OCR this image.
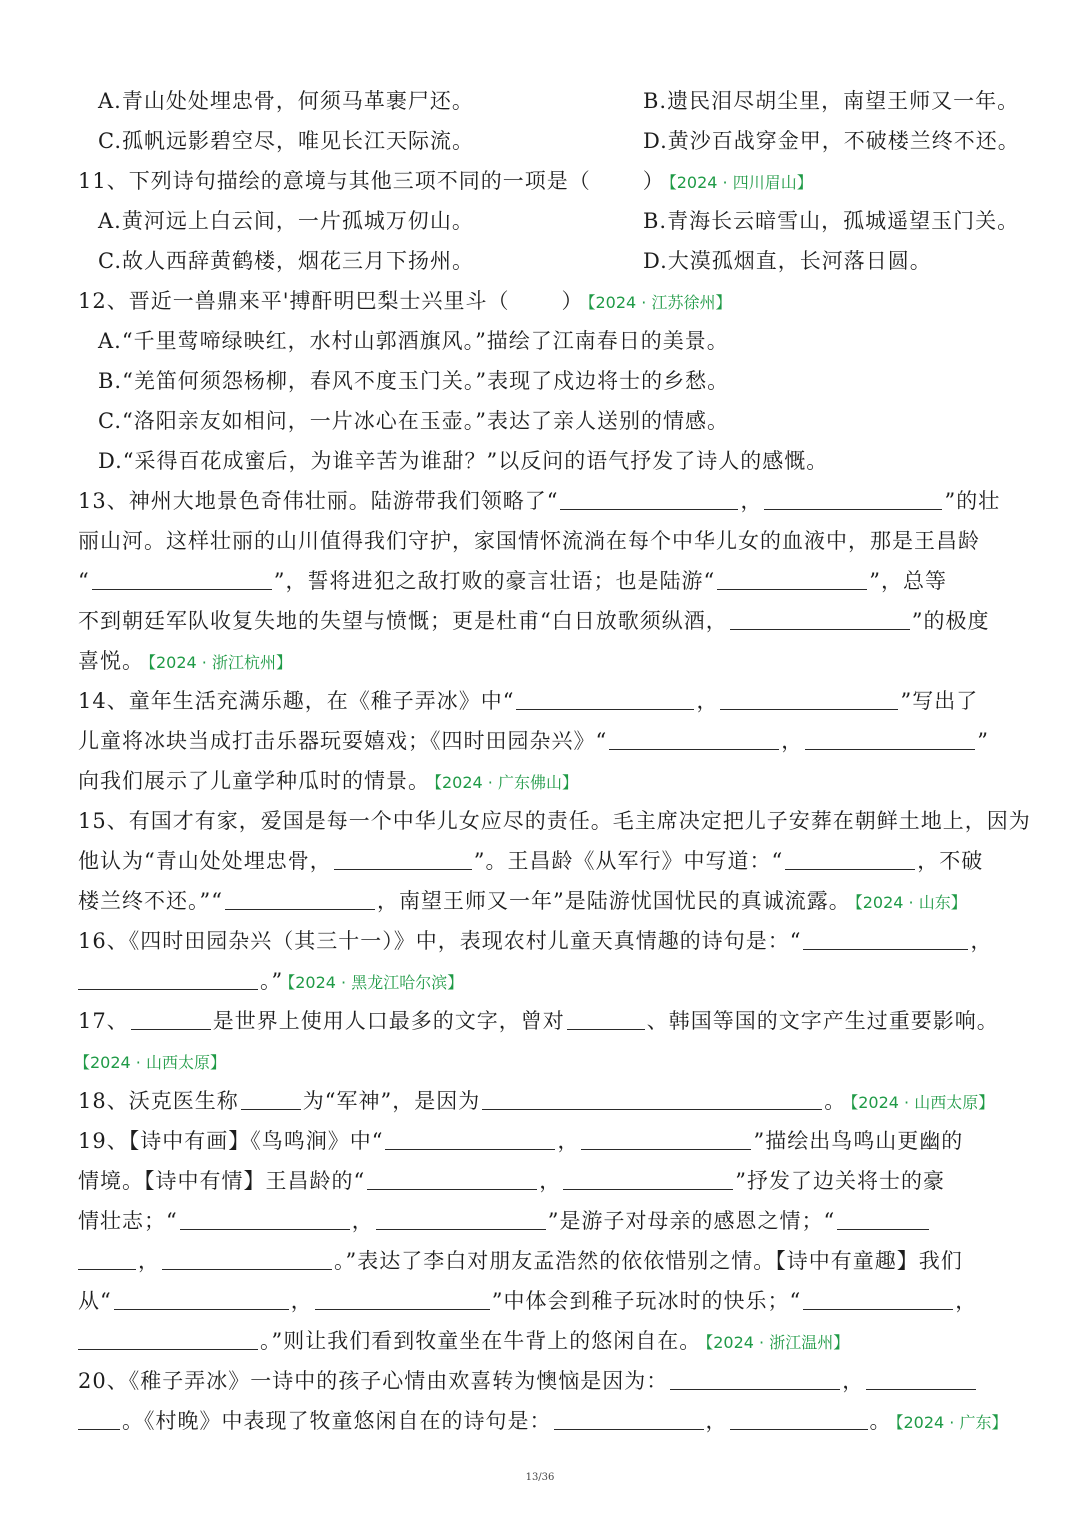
A.青山处处埋忠骨，何须马革裹尸还。	B.遗民泪尽胡尘里，南望王师又一年。
C.孤帆远影碧空尽，唯见长江天际流。	D.黄沙百战穿金甲，不破楼兰终不还。
11、下列诗句描绘的意境与其他三项不同的一项是（ ） 【2024 · 四川眉山】
A.黄河远上白云间，一片孤城万仞山。	B.青海长云暗雪山，孤城遥望玉门关。
C.故人西辞黄鹤楼，烟花三月下扬州。	D.大漠孤烟直，长河落日圆。
12、晋近一兽鼎来平'搏酐明巴梨士兴里斗（ ） 【2024 · 江苏徐州】
A.“千里莺啼绿映红，水村山郭酒旗风。”描绘了江南春日的美景。
B.“羌笛何须怨杨柳，春风不度玉门关。”表现了戍边将士的乡愁。
C.“洛阳亲友如相问，一片冰心在玉壶。”表达了亲人送别的情感。
D.“采得百花成蜜后，为谁辛苦为谁甜？”以反问的语气抒发了诗人的感慨。
13、神州大地景色奇伟壮丽。陆游带我们领略了“	，	”的壮
丽山河。这样壮丽的山川值得我们守护，家国情怀流淌在每个中华儿女的血液中，那是王昌龄
“	”，誓将进犯之敌打败的豪言壮语；也是陆游“	”，总等
不到朝廷军队收复失地的失望与愤慨；更是杜甫“白日放歌须纵酒，	”的极度
喜悦。 【2024 · 浙江杭州】
14、童年生活充满乐趣，在《稚子弄冰》中“	，	”写出了
儿童将冰块当成打击乐器玩耍嬉戏；《四时田园杂兴》“	，	”
向我们展示了儿童学种瓜时的情景。 【2024 · 广东佛山】
15、有国才有家，爱国是每一个中华儿女应尽的责任。毛主席决定把儿子安葬在朝鲜土地上，因为
他认为“青山处处埋忠骨，	”。王昌龄《从军行》中写道：“	，不破
楼兰终不还。”“	，南望王师又一年”是陆游忧国忧民的真诚流露。 【2024 · 山东】
16、《四时田园杂兴（其三十一）》中，表现农村儿童天真情趣的诗句是：“	，
。” 【2024 · 黑龙江哈尔滨】
17、	是世界上使用人口最多的文字，曾对	、韩国等国的文字产生过重要影响。
【2024 · 山西太原】
18、沃克医生称	为“军神”，是因为	。 【2024 · 山西太原】
19、【诗中有画】《鸟鸣涧》中“	，	”描绘出鸟鸣山更幽的
情境。【诗中有情】王昌龄的“	，	”抒发了边关将士的豪
情壮志；“	，	”是游子对母亲的感恩之情；“
，	。”表达了李白对朋友孟浩然的依依惜别之情。【诗中有童趣】我们
从“	，	”中体会到稚子玩冰时的快乐；“	，
。”则让我们看到牧童坐在牛背上的悠闲自在。 【2024 · 浙江温州】
20、《稚子弄冰》一诗中的孩子心情由欢喜转为懊恼是因为：	，
。《村晚》中表现了牧童悠闲自在的诗句是：	，	。 【2024 · 广东】
13/36
